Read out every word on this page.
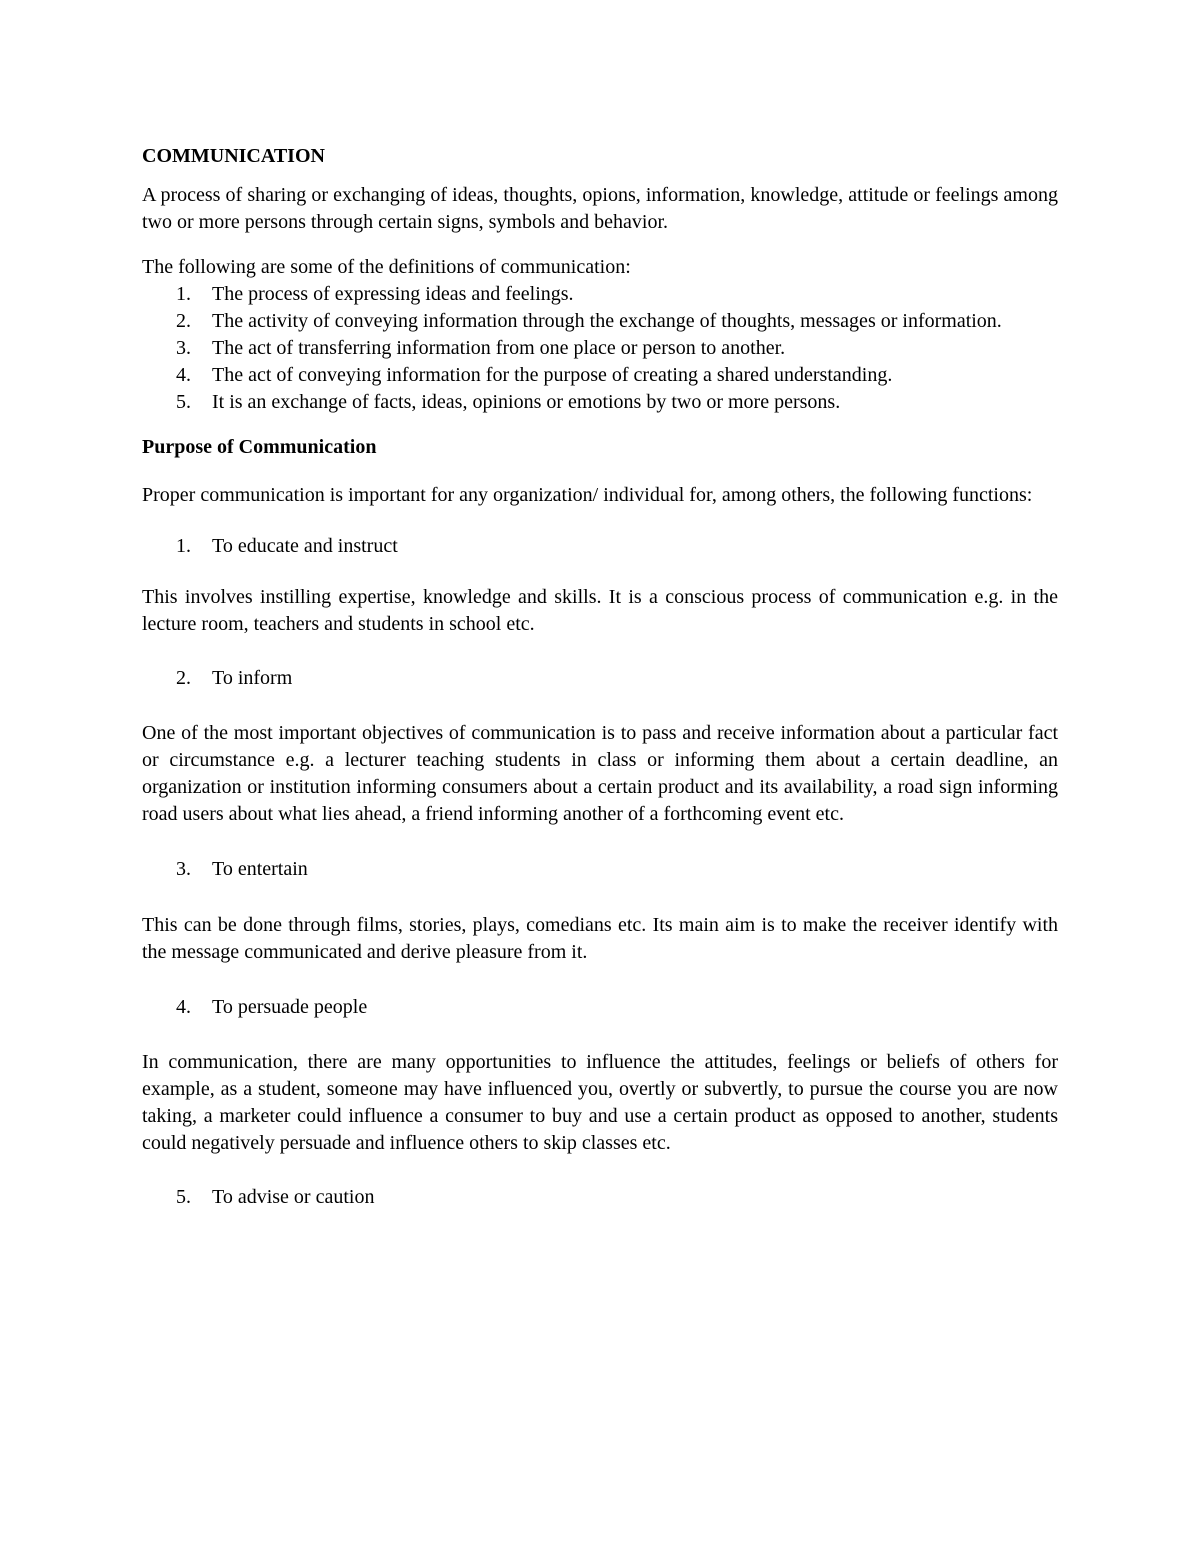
COMMUNICATION

A process of sharing or exchanging of ideas, thoughts, opions, information, knowledge, attitude or feelings among two or more persons through certain signs, symbols and behavior.

The following are some of the definitions of communication:

1. The process of expressing ideas and feelings.
2. The activity of conveying information through the exchange of thoughts, messages or information.
3. The act of transferring information from one place or person to another.
4. The act of conveying information for the purpose of creating a shared understanding.
5. It is an exchange of facts, ideas, opinions or emotions by two or more persons.
Purpose of Communication

Proper communication is important for any organization/ individual for, among others, the following functions:

1. To educate and instruct

This involves instilling expertise, knowledge and skills. It is a conscious process of communication e.g. in the lecture room, teachers and students in school etc.

2. To inform

One of the most important objectives of communication is to pass and receive information about a particular fact or circumstance e.g. a lecturer teaching students in class or informing them about a certain deadline, an organization or institution informing consumers about a certain product and its availability, a road sign informing road users about what lies ahead, a friend informing another of a forthcoming event etc.

3. To entertain

This can be done through films, stories, plays, comedians etc. Its main aim is to make the receiver identify with the message communicated and derive pleasure from it.

4. To persuade people

In communication, there are many opportunities to influence the attitudes, feelings or beliefs of others for example, as a student, someone may have influenced you, overtly or subvertly, to pursue the course you are now taking, a marketer could influence a consumer to buy and use a certain product as opposed to another, students could negatively persuade and influence others to skip classes etc.

5. To advise or caution
